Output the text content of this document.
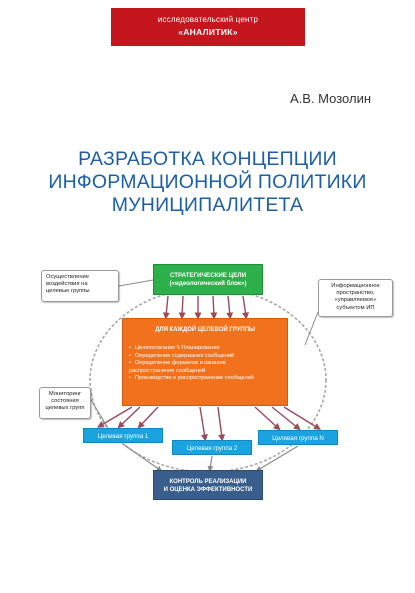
исследовательский центр
«АНАЛИТИК»
А.В. Мозолин
РАЗРАБОТКА КОНЦЕПЦИИ
ИНФОРМАЦИОННОЙ ПОЛИТИКИ
МУНИЦИПАЛИТЕТА
СТРАТЕГИЧЕСКИЕ ЦЕЛИ
(«идеологический блок»)
ДЛЯ КАЖДОЙ ЦЕЛЕВОЙ ГРУППЫ
• Целеполагание \\ Планирование
• Определение содержания сообщений
• Определение форматов и каналов
распространения сообщений
• Производство и распространение сообщений
Целевая группа 1
Целевая группа 2
Целевая группа N
КОНТРОЛЬ РЕАЛИЗАЦИИ
И ОЦЕНКА ЭФФЕКТИВНОСТИ
Осуществление
воздействия на
целевые группы
Информационное
пространство,
«управляемое»
субъектом ИП
Мониторинг
состояния
целевых групп
